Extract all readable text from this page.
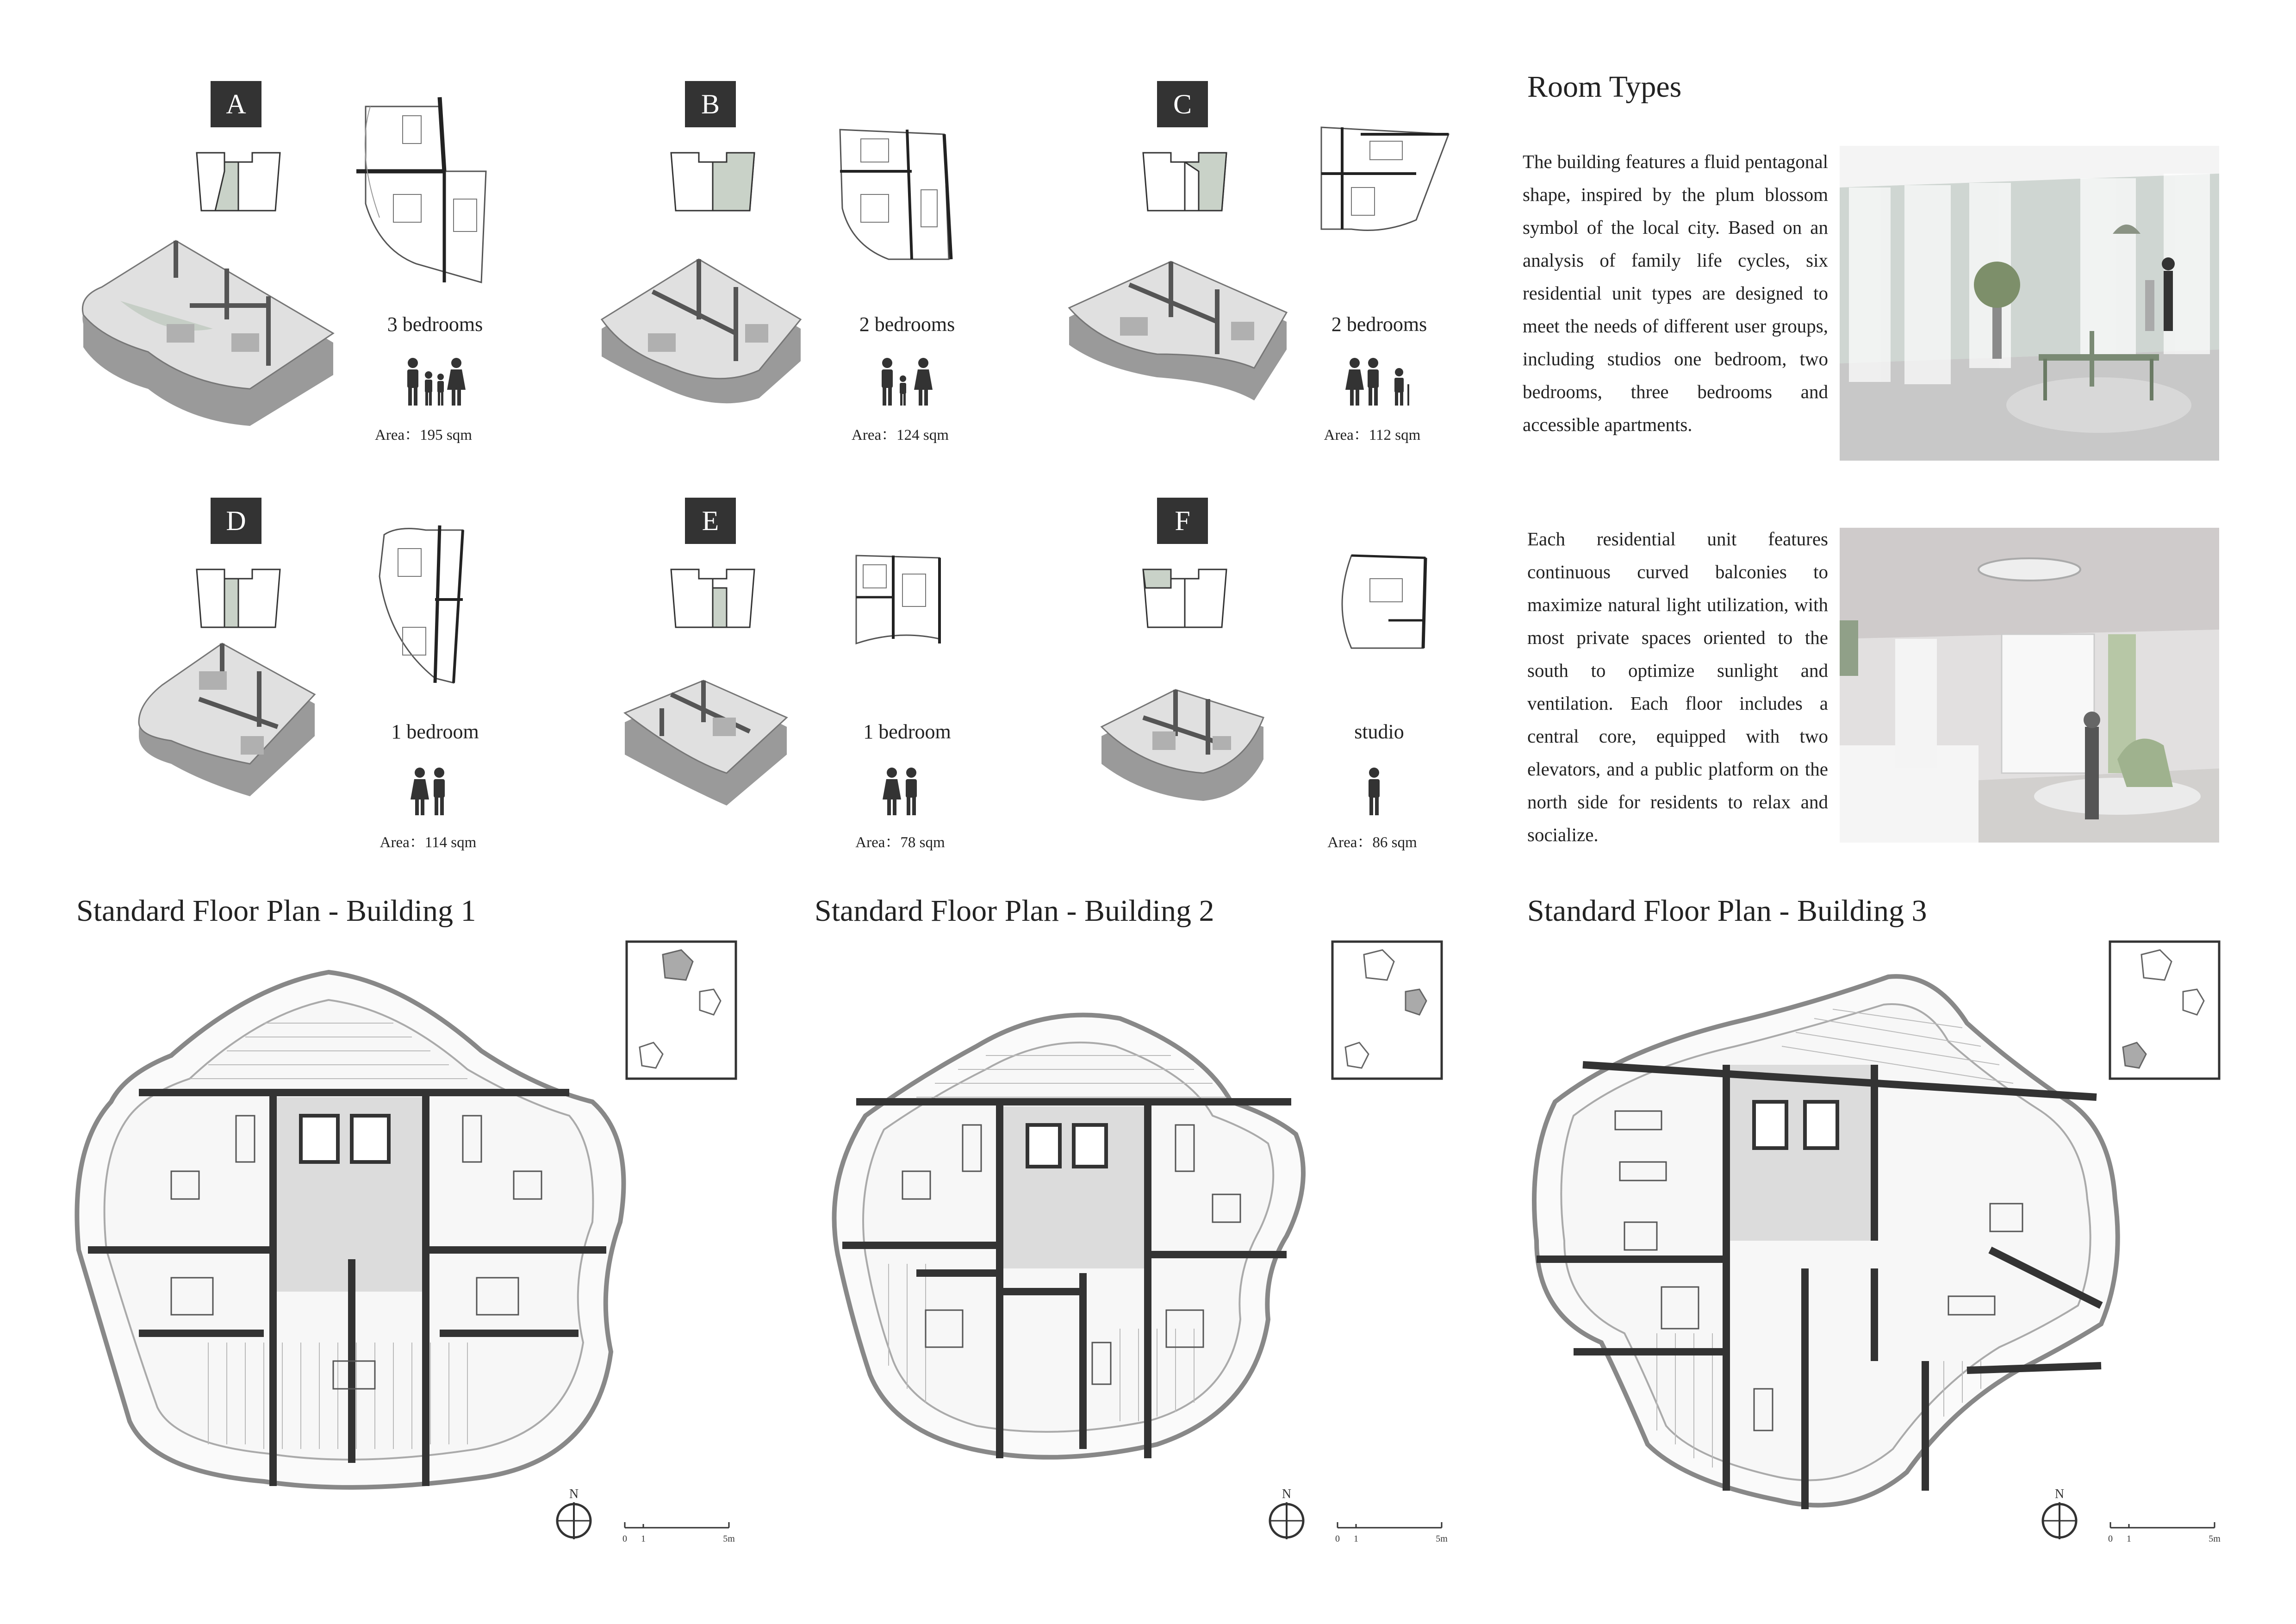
A	B	C
D	E	F
3 bedrooms	2 bedrooms	2 bedrooms
1 bedroom	1 bedroom	studio
Area：195 sqm	Area：124 sqm	Area：112 sqm
Area：114 sqm	Area：78 sqm	Area：86 sqm
Room Types
The building features a fluid pentagonal shape, inspired by the plum blossom symbol of the local city. Based on an analysis of family life cycles, six residential unit types are designed to meet the needs of different user groups, including studios one bedroom, two bedrooms, three bedrooms and accessible apartments.
Each residential unit features continuous curved balconies to maximize natural light utilization, with most private spaces oriented to the south to optimize sunlight and ventilation. Each floor includes a central core, equipped with two elevators, and a public platform on the north side for residents to relax and socialize.
Standard Floor Plan - Building 1	Standard Floor Plan - Building 2	Standard Floor Plan - Building 3
N	N	N
0 1	5m	0 1	5m	0 1	5m
